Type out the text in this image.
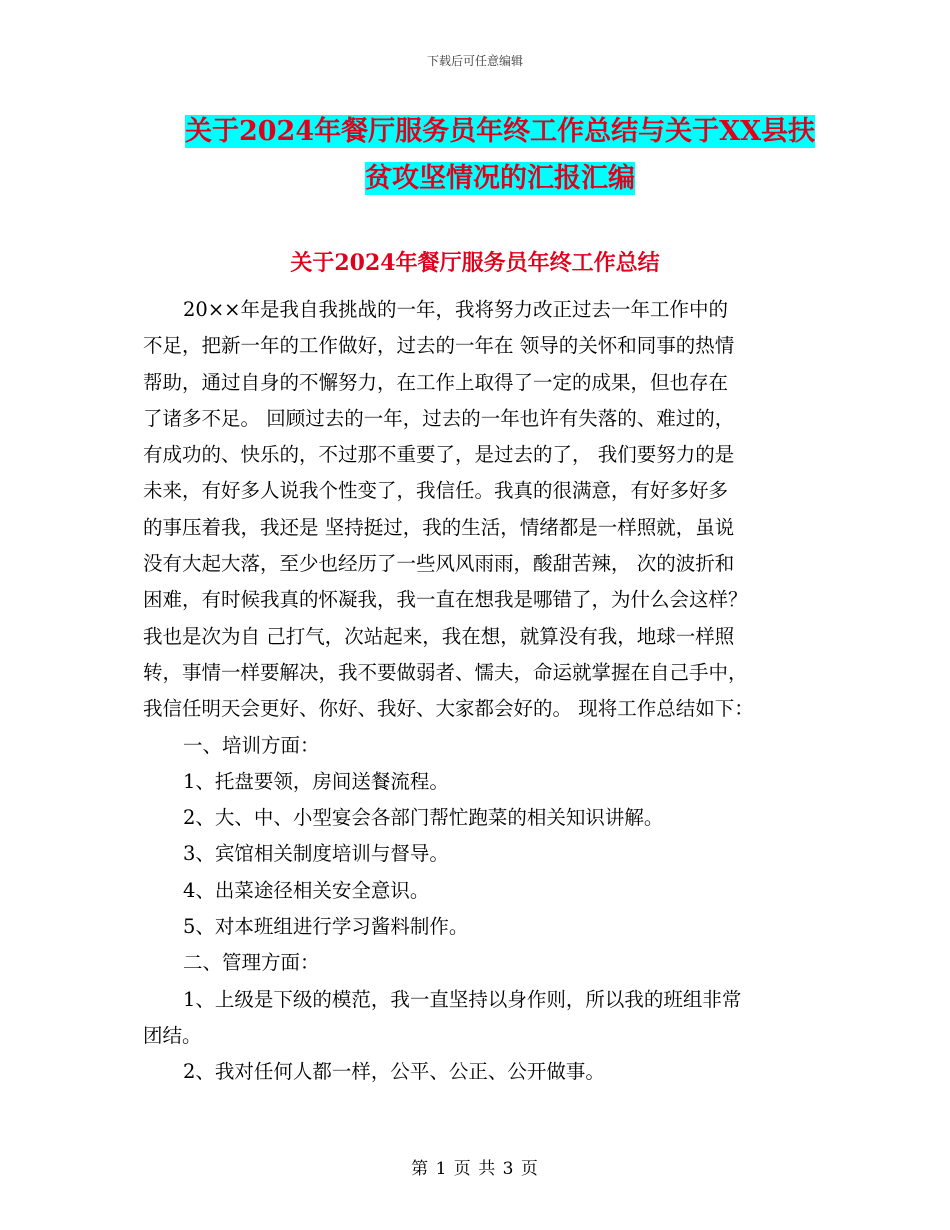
下载后可任意编辑
关于2024年餐厅服务员年终工作总结与关于XX县扶
贫攻坚情况的汇报汇编
关于2024年餐厅服务员年终工作总结
20××年是我自我挑战的一年，我将努力改正过去一年工作中的
不足，把新一年的工作做好，过去的一年在 领导的关怀和同事的热情
帮助，通过自身的不懈努力，在工作上取得了一定的成果，但也存在
了诸多不足。 回顾过去的一年，过去的一年也许有失落的、难过的，
有成功的、快乐的，不过那不重要了，是过去的了， 我们要努力的是
未来，有好多人说我个性变了，我信任。我真的很满意，有好多好多
的事压着我，我还是 坚持挺过，我的生活，情绪都是一样照就，虽说
没有大起大落，至少也经历了一些风风雨雨，酸甜苦辣， 次的波折和
困难，有时候我真的怀凝我，我一直在想我是哪错了，为什么会这样？
我也是次为自 己打气，次站起来，我在想，就算没有我，地球一样照
转，事情一样要解决，我不要做弱者、懦夫，命运就掌握在自己手中，
我信任明天会更好、你好、我好、大家都会好的。 现将工作总结如下：
一、培训方面：
1、托盘要领，房间送餐流程。
2、大、中、小型宴会各部门帮忙跑菜的相关知识讲解。
3、宾馆相关制度培训与督导。
4、出菜途径相关安全意识。
5、对本班组进行学习酱料制作。
二、管理方面：
1、上级是下级的模范，我一直坚持以身作则，所以我的班组非常
团结。
2、我对任何人都一样，公平、公正、公开做事。
第 1 页 共 3 页
